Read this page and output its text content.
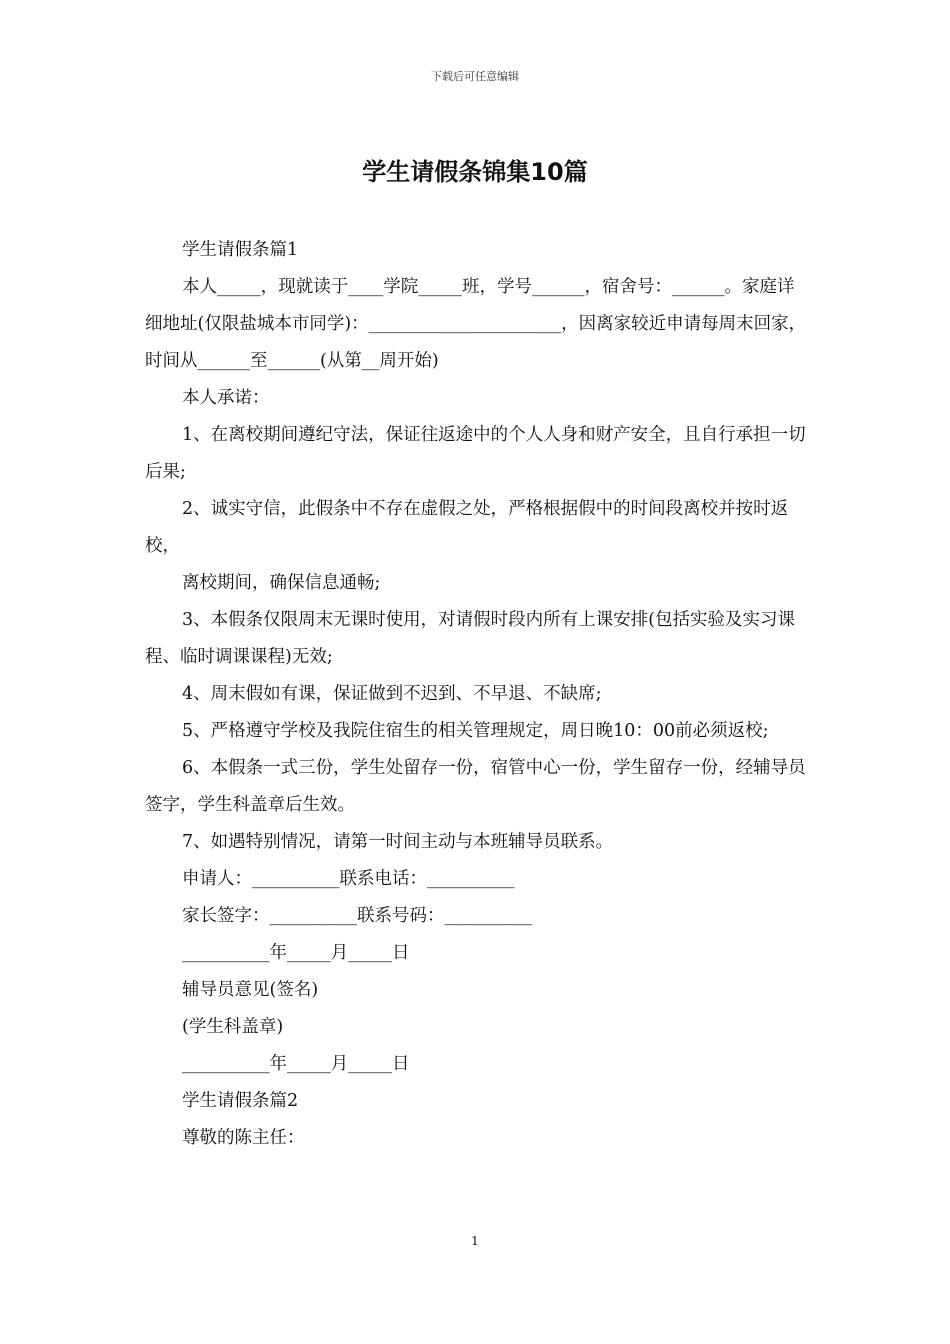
下载后可任意编辑
学生请假条锦集10篇

学生请假条篇1

本人_____，现就读于____学院_____班，学号______，宿舍号：______。家庭详细地址(仅限盐城本市同学)：______________________，因离家较近申请每周末回家，时间从______至______(从第__周开始)

本人承诺：

1、在离校期间遵纪守法，保证往返途中的个人人身和财产安全，且自行承担一切后果;

2、诚实守信，此假条中不存在虚假之处，严格根据假中的时间段离校并按时返校，

离校期间，确保信息通畅;

3、本假条仅限周末无课时使用，对请假时段内所有上课安排(包括实验及实习课程、临时调课课程)无效;

4、周末假如有课，保证做到不迟到、不早退、不缺席;

5、严格遵守学校及我院住宿生的相关管理规定，周日晚10：00前必须返校;

6、本假条一式三份，学生处留存一份，宿管中心一份，学生留存一份，经辅导员签字，学生科盖章后生效。

7、如遇特别情况，请第一时间主动与本班辅导员联系。

申请人：__________联系电话：__________

家长签字：__________联系号码：__________

__________年_____月_____日

辅导员意见(签名)

(学生科盖章)

__________年_____月_____日

学生请假条篇2

尊敬的陈主任：

1
